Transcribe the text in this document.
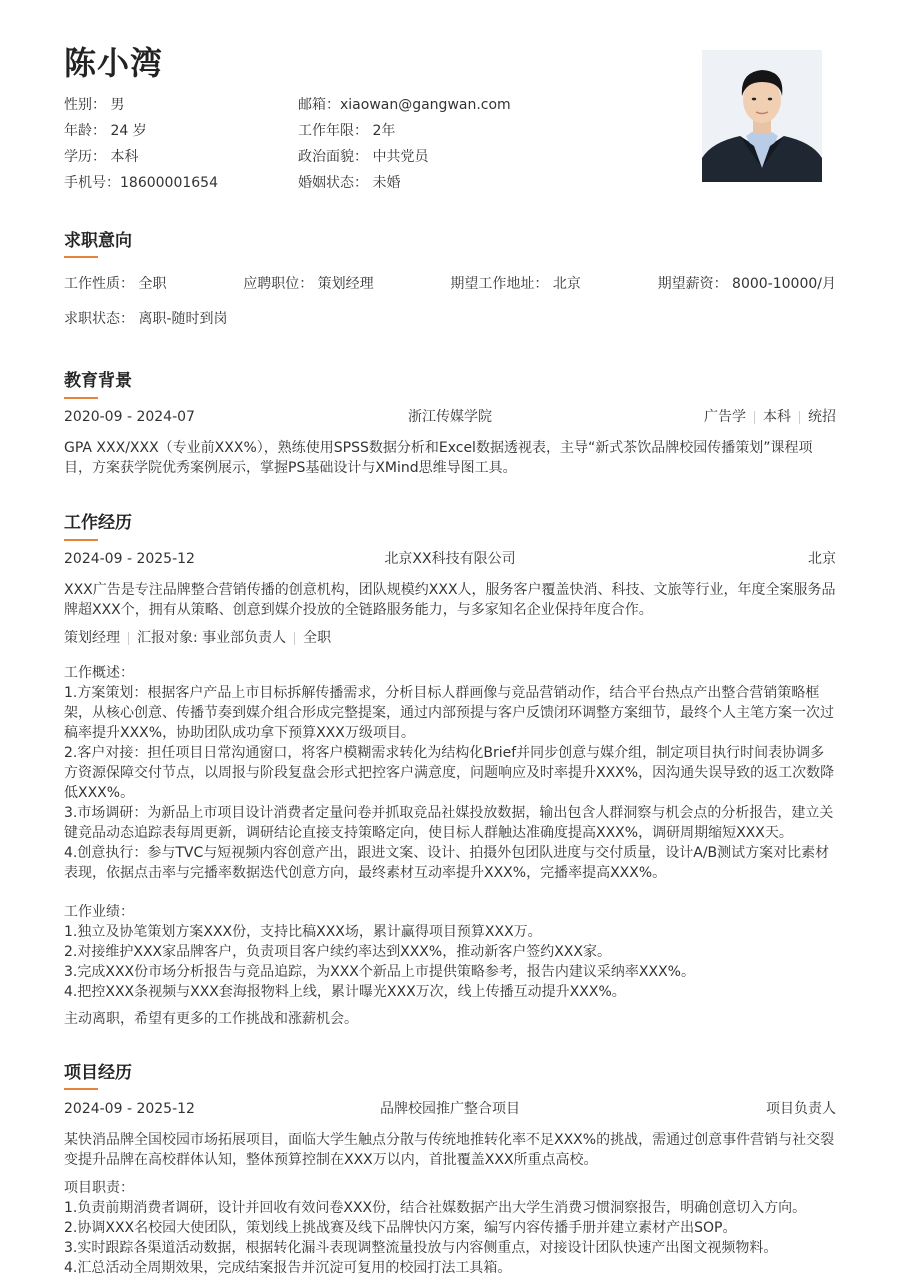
陈小湾
性别： 男	邮箱：xiaowan@gangwan.com
年龄： 24 岁	工作年限： 2年
学历： 本科	政治面貌： 中共党员
手机号：18600001654	婚姻状态： 未婚
求职意向
工作性质： 全职	应聘职位： 策划经理	期望工作地址： 北京	期望薪资： 8000-10000/月
求职状态： 离职-随时到岗
教育背景
2020-09 - 2024-07	浙江传媒学院	广告学 本科 统招
GPA XXX/XXX（专业前XXX%），熟练使用SPSS数据分析和Excel数据透视表，主导“新式茶饮品牌校园传播策划”课程项目，方案获学院优秀案例展示，掌握PS基础设计与XMind思维导图工具。
工作经历
2024-09 - 2025-12	北京XX科技有限公司	北京
XXX广告是专注品牌整合营销传播的创意机构，团队规模约XXX人，服务客户覆盖快消、科技、文旅等行业，年度全案服务品牌超XXX个，拥有从策略、创意到媒介投放的全链路服务能力，与多家知名企业保持年度合作。
策划经理 汇报对象: 事业部负责人 全职
工作概述：
1.方案策划：根据客户产品上市目标拆解传播需求，分析目标人群画像与竞品营销动作，结合平台热点产出整合营销策略框架，从核心创意、传播节奏到媒介组合形成完整提案，通过内部预提与客户反馈闭环调整方案细节，最终个人主笔方案一次过稿率提升XXX%，协助团队成功拿下预算XXX万级项目。
2.客户对接：担任项目日常沟通窗口，将客户模糊需求转化为结构化Brief并同步创意与媒介组，制定项目执行时间表协调多方资源保障交付节点，以周报与阶段复盘会形式把控客户满意度，问题响应及时率提升XXX%，因沟通失误导致的返工次数降低XXX%。
3.市场调研：为新品上市项目设计消费者定量问卷并抓取竞品社媒投放数据，输出包含人群洞察与机会点的分析报告，建立关键竞品动态追踪表每周更新，调研结论直接支持策略定向，使目标人群触达准确度提高XXX%，调研周期缩短XXX天。
4.创意执行：参与TVC与短视频内容创意产出，跟进文案、设计、拍摄外包团队进度与交付质量，设计A/B测试方案对比素材表现，依据点击率与完播率数据迭代创意方向，最终素材互动率提升XXX%，完播率提高XXX%。
工作业绩：
1.独立及协笔策划方案XXX份，支持比稿XXX场，累计赢得项目预算XXX万。
2.对接维护XXX家品牌客户，负责项目客户续约率达到XXX%，推动新客户签约XXX家。
3.完成XXX份市场分析报告与竞品追踪，为XXX个新品上市提供策略参考，报告内建议采纳率XXX%。
4.把控XXX条视频与XXX套海报物料上线，累计曝光XXX万次，线上传播互动提升XXX%。
主动离职，希望有更多的工作挑战和涨薪机会。
项目经历
2024-09 - 2025-12	品牌校园推广整合项目	项目负责人
某快消品牌全国校园市场拓展项目，面临大学生触点分散与传统地推转化率不足XXX%的挑战，需通过创意事件营销与社交裂变提升品牌在高校群体认知，整体预算控制在XXX万以内，首批覆盖XXX所重点高校。
项目职责：
1.负责前期消费者调研，设计并回收有效问卷XXX份，结合社媒数据产出大学生消费习惯洞察报告，明确创意切入方向。
2.协调XXX名校园大使团队，策划线上挑战赛及线下品牌快闪方案，编写内容传播手册并建立素材产出SOP。
3.实时跟踪各渠道活动数据，根据转化漏斗表现调整流量投放与内容侧重点，对接设计团队快速产出图文视频物料。
4.汇总活动全周期效果，完成结案报告并沉淀可复用的校园打法工具箱。
